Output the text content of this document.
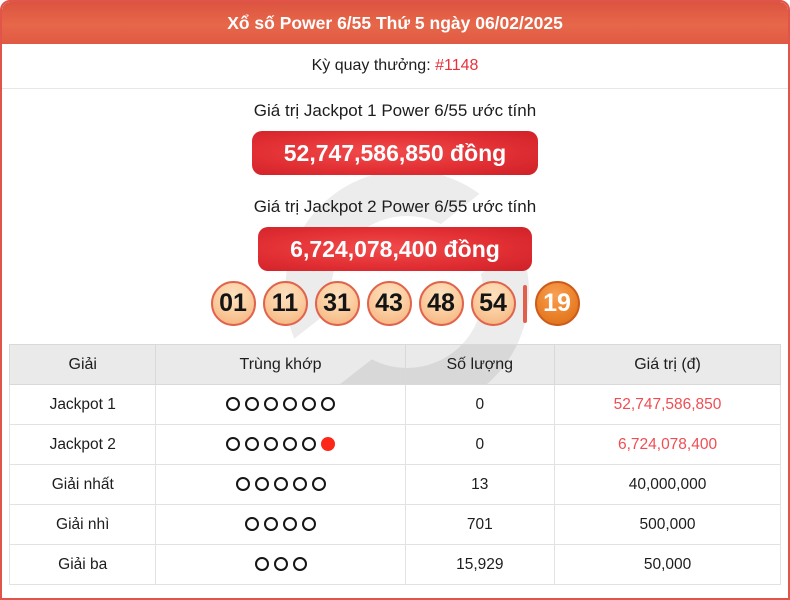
Xổ số Power 6/55 Thứ 5 ngày 06/02/2025
Kỳ quay thưởng: #1148
Giá trị Jackpot 1 Power 6/55 ước tính
52,747,586,850 đồng
Giá trị Jackpot 2 Power 6/55 ước tính
6,724,078,400 đồng
01 11 31 43 48 54	19
Giải	Trùng khớp	Số lượng	Giá trị (đ)
Jackpot 1		0	52,747,586,850
Jackpot 2		0	6,724,078,400
Giải nhất		13	40,000,000
Giải nhì		701	500,000
Giải ba		15,929	50,000
